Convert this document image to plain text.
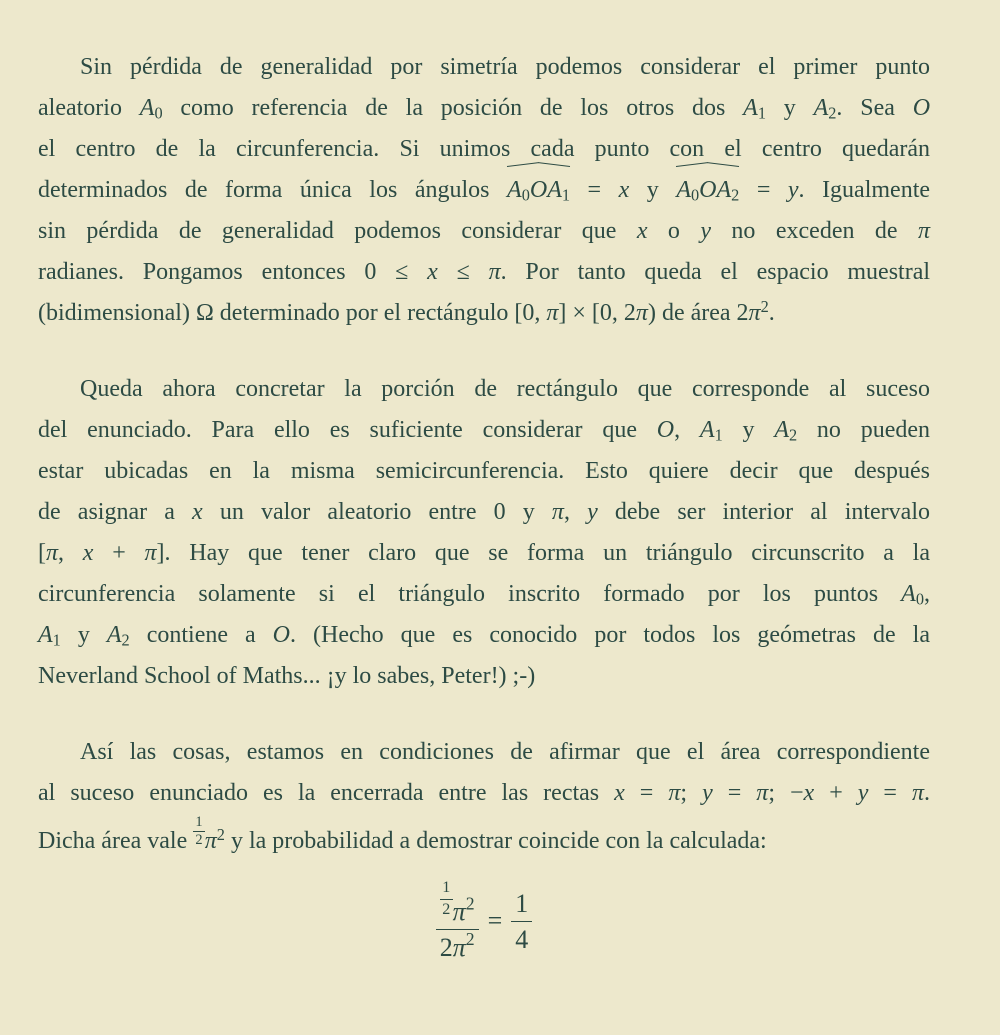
Sin pérdida de generalidad por simetría podemos considerar el primer punto
aleatorio $A_0$ como referencia de la posición de los otros dos $A_1$ y $A_2$. Sea O
el centro de la circunferencia. Si unimos cada punto con el centro quedarán
determinados de forma única los ángulos $A_0OA_1 = x$ y $A_0OA_2 = y$. Igualmente
sin pérdida de generalidad podemos considerar que x o y no exceden de π
radianes. Pongamos entonces 0 ≤ x ≤ π. Por tanto queda el espacio muestral
(bidimensional) Ω determinado por el rectángulo [0, π] × [0, 2π) de área $2\pi^2$.
Queda ahora concretar la porción de rectángulo que corresponde al suceso
del enunciado. Para ello es suficiente considerar que O, $A_1$ y $A_2$ no pueden
estar ubicadas en la misma semicircunferencia. Esto quiere decir que después
de asignar a x un valor aleatorio entre 0 y π, y debe ser interior al intervalo
[π, x + π]. Hay que tener claro que se forma un triángulo circunscrito a la
circunferencia solamente si el triángulo inscrito formado por los puntos $A_0$,
$A_1$ y $A_2$ contiene a O. (Hecho que es conocido por todos los geómetras de la
Neverland School of Maths... ¡y lo sabes, Peter!) ;-)
Así las cosas, estamos en condiciones de afirmar que el área correspondiente
al suceso enunciado es la encerrada entre las rectas x = π; y = π; −x + y = π.
Dicha área vale $\frac{1}{2} \pi^2$ y la probabilidad a demostrar coincide con la calculada:
$\frac{\frac{1}{2} \pi^2}{2\pi^2} = \frac{1}{4}$
